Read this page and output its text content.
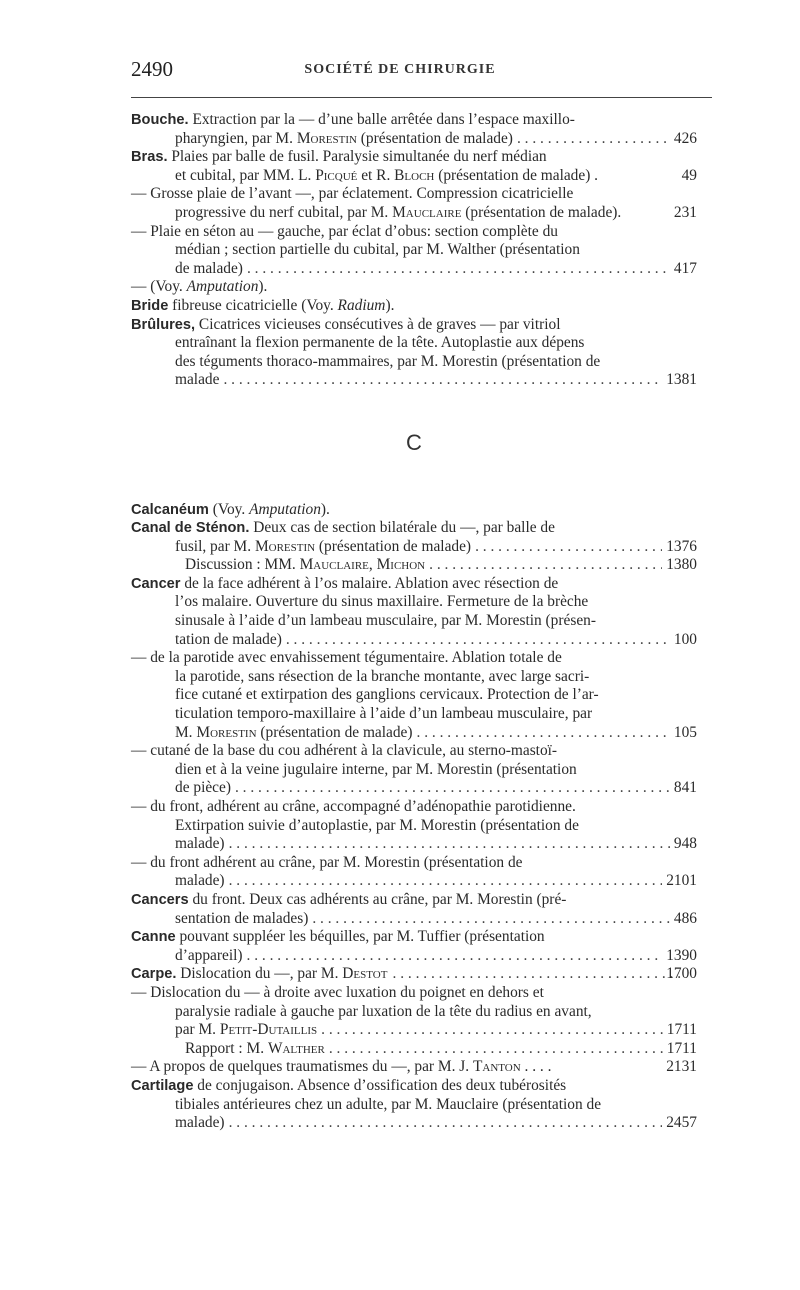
2490	SOCIÉTÉ DE CHIRURGIE
Bouche. Extraction par la — d’une balle arrêtée dans l’espace maxillo-
pharyngien, par M. Morestin (présentation de malade) . . .	426
Bras. Plaies par balle de fusil. Paralysie simultanée du nerf médian
et cubital, par MM. L. Picqué et R. Bloch (présentation de malade) .	49
— Grosse plaie de l’avant —, par éclatement. Compression cicatricielle
progressive du nerf cubital, par M. Mauclaire (présentation de malade).	231
— Plaie en séton au — gauche, par éclat d’obus: section complète du
médian ; section partielle du cubital, par M. Walther (présentation
de malade) . . .	417
— (Voy. Amputation).
Bride fibreuse cicatricielle (Voy. Radium).
Brûlures, Cicatrices vicieuses consécutives à de graves — par vitriol
entraînant la flexion permanente de la tête. Autoplastie aux dépens
des téguments thoraco-mammaires, par M. Morestin (présentation de
malade . . .	1381
C
Calcanéum (Voy. Amputation).
Canal de Sténon. Deux cas de section bilatérale du —, par balle de
fusil, par M. Morestin (présentation de malade) . . .	1376
Discussion : MM. Mauclaire, Michon . . .	1380
Cancer de la face adhérent à l’os malaire. Ablation avec résection de
l’os malaire. Ouverture du sinus maxillaire. Fermeture de la brèche
sinusale à l’aide d’un lambeau musculaire, par M. Morestin (présen-
tation de malade) . . .	100
— de la parotide avec envahissement tégumentaire. Ablation totale de
la parotide, sans résection de la branche montante, avec large sacri-
fice cutané et extirpation des ganglions cervicaux. Protection de l’ar-
ticulation temporo-maxillaire à l’aide d’un lambeau musculaire, par
M. Morestin (présentation de malade) . . .	105
— cutané de la base du cou adhérent à la clavicule, au sterno-mastoï-
dien et à la veine jugulaire interne, par M. Morestin (présentation
de pièce) . . .	841
— du front, adhérent au crâne, accompagné d’adénopathie parotidienne.
Extirpation suivie d’autoplastie, par M. Morestin (présentation de
malade) . . .	948
— du front adhérent au crâne, par M. Morestin (présentation de
malade) . . .	2101
Cancers du front. Deux cas adhérents au crâne, par M. Morestin (pré-
sentation de malades) . . .	486
Canne pouvant suppléer les béquilles, par M. Tuffier (présentation
d’appareil) . . .	1390
Carpe. Dislocation du —, par M. Destot . . .	1700
— Dislocation du — à droite avec luxation du poignet en dehors et
paralysie radiale à gauche par luxation de la tête du radius en avant,
par M. Petit-Dutaillis . . .	1711
Rapport : M. Walther . . .	1711
— A propos de quelques traumatismes du —, par M. J. Tanton . . . .	2131
Cartilage de conjugaison. Absence d’ossification des deux tubérosités
tibiales antérieures chez un adulte, par M. Mauclaire (présentation de
malade) . . .	2457
